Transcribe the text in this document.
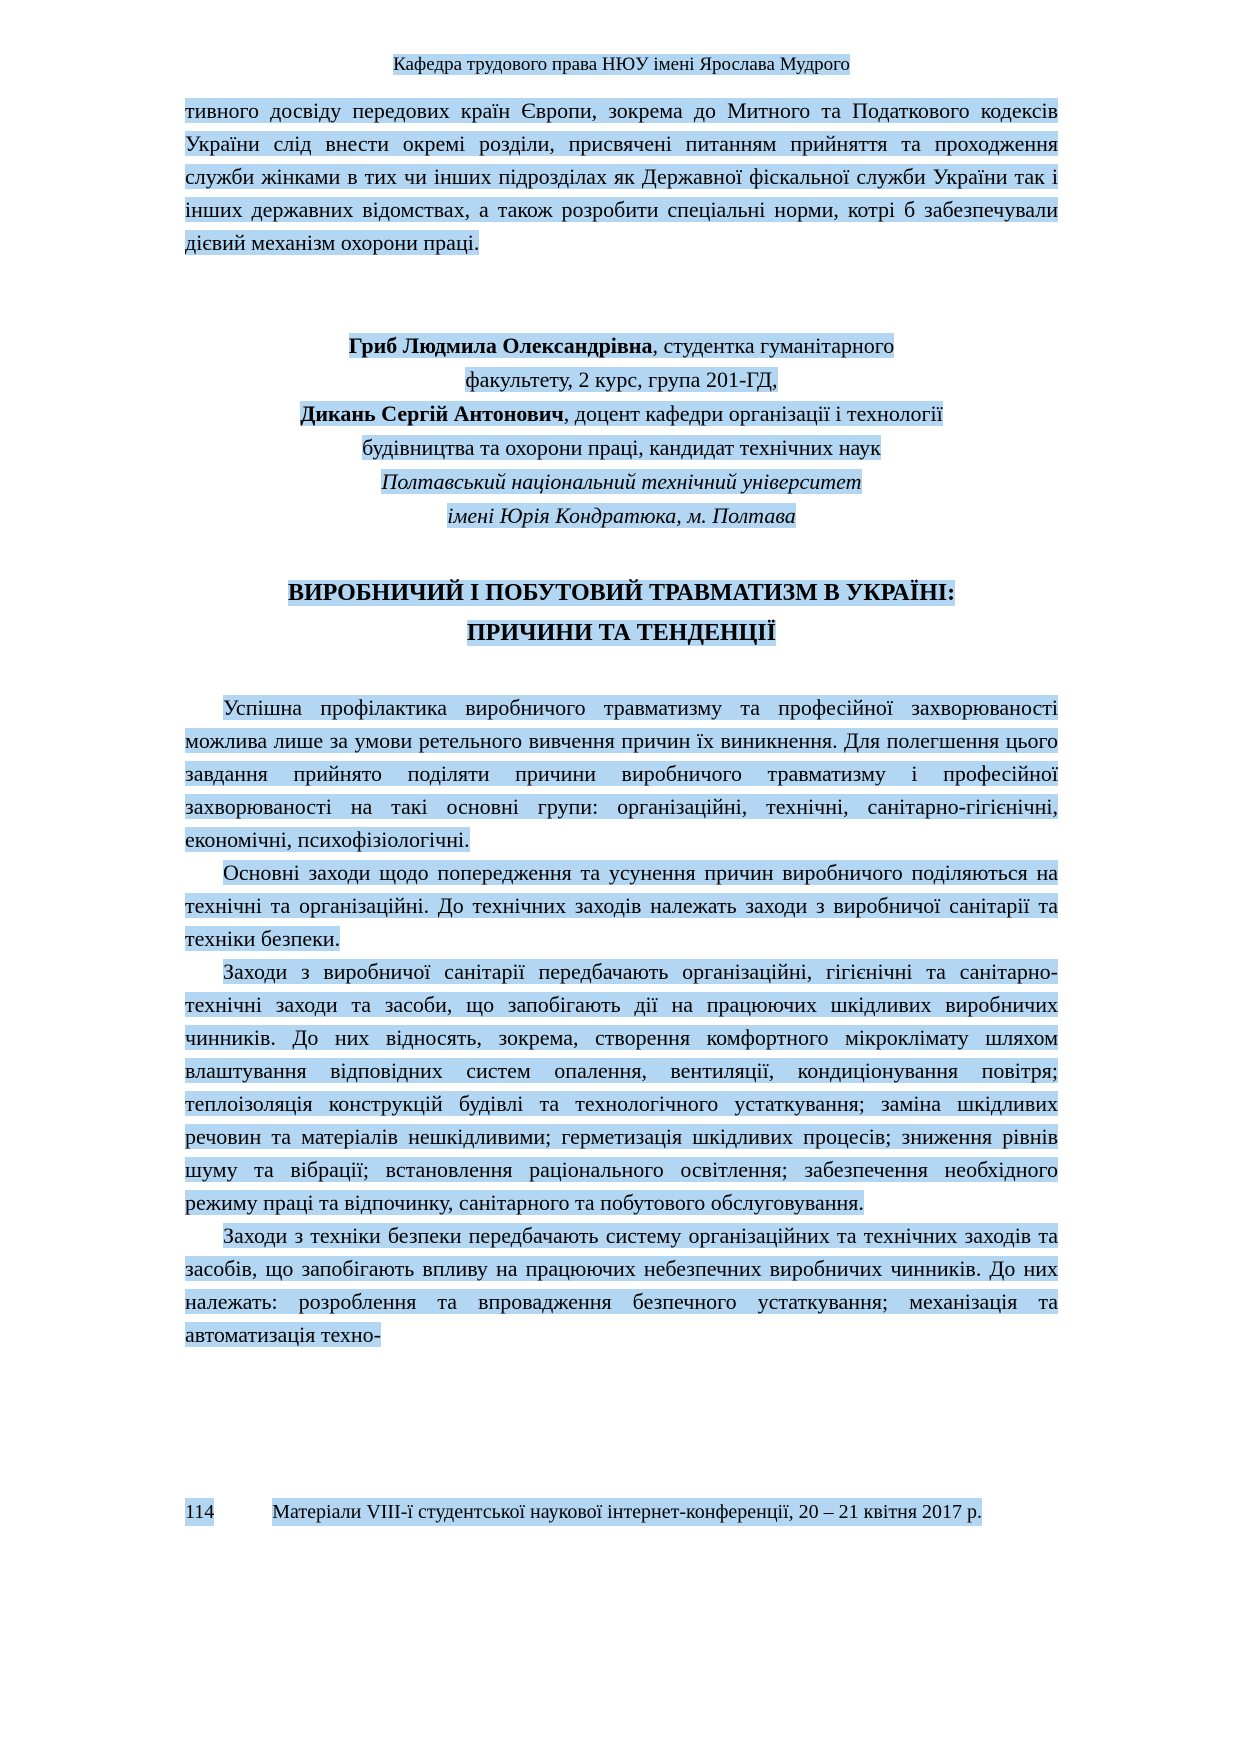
Кафедра трудового права НЮУ імені Ярослава Мудрого

тивного досвіду передових країн Європи, зокрема до Митного та Податкового кодексів України слід внести окремі розділи, присвячені питанням прийняття та проходження служби жінками в тих чи інших підрозділах як Державної фіскальної служби України так і інших державних відомствах, а також розробити спеціальні норми, котрі б забезпечували дієвий механізм охорони праці.

Гриб Людмила Олександрівна, студентка гуманітарного
факультету, 2 курс, група 201-ГД,
Дикань Сергій Антонович, доцент кафедри організації і технології
будівництва та охорони праці, кандидат технічних наук
Полтавський національний технічний університет
імені Юрія Кондратюка, м. Полтава
ВИРОБНИЧИЙ І ПОБУТОВИЙ ТРАВМАТИЗМ В УКРАЇНІ:
ПРИЧИНИ ТА ТЕНДЕНЦІЇ

Успішна профілактика виробничого травматизму та професійної захворюваності можлива лише за умови ретельного вивчення причин їх виникнення. Для полегшення цього завдання прийнято поділяти причини виробничого травматизму і професійної захворюваності на такі основні групи: організаційні, технічні, санітарно-гігієнічні, економічні, психофізіологічні.

Основні заходи щодо попередження та усунення причин виробничого поділяються на технічні та організаційні. До технічних заходів належать заходи з виробничої санітарії та техніки безпеки.

Заходи з виробничої санітарії передбачають організаційні, гігієнічні та санітарно-технічні заходи та засоби, що запобігають дії на працюючих шкідливих виробничих чинників. До них відносять, зокрема, створення комфортного мікроклімату шляхом влаштування відповідних систем опалення, вентиляції, кондиціонування повітря; теплоізоляція конструкцій будівлі та технологічного устаткування; заміна шкідливих речовин та матеріалів нешкідливими; герметизація шкідливих процесів; зниження рівнів шуму та вібрації; встановлення раціонального освітлення; забезпечення необхідного режиму праці та відпочинку, санітарного та побутового обслуговування.

Заходи з техніки безпеки передбачають систему організаційних та технічних заходів та засобів, що запобігають впливу на працюючих небезпечних виробничих чинників. До них належать: розроблення та впровадження безпечного устаткування; механізація та автоматизація техно-

114	Матеріали VIII-ї студентської наукової інтернет-конференції, 20 – 21 квітня 2017 р.
